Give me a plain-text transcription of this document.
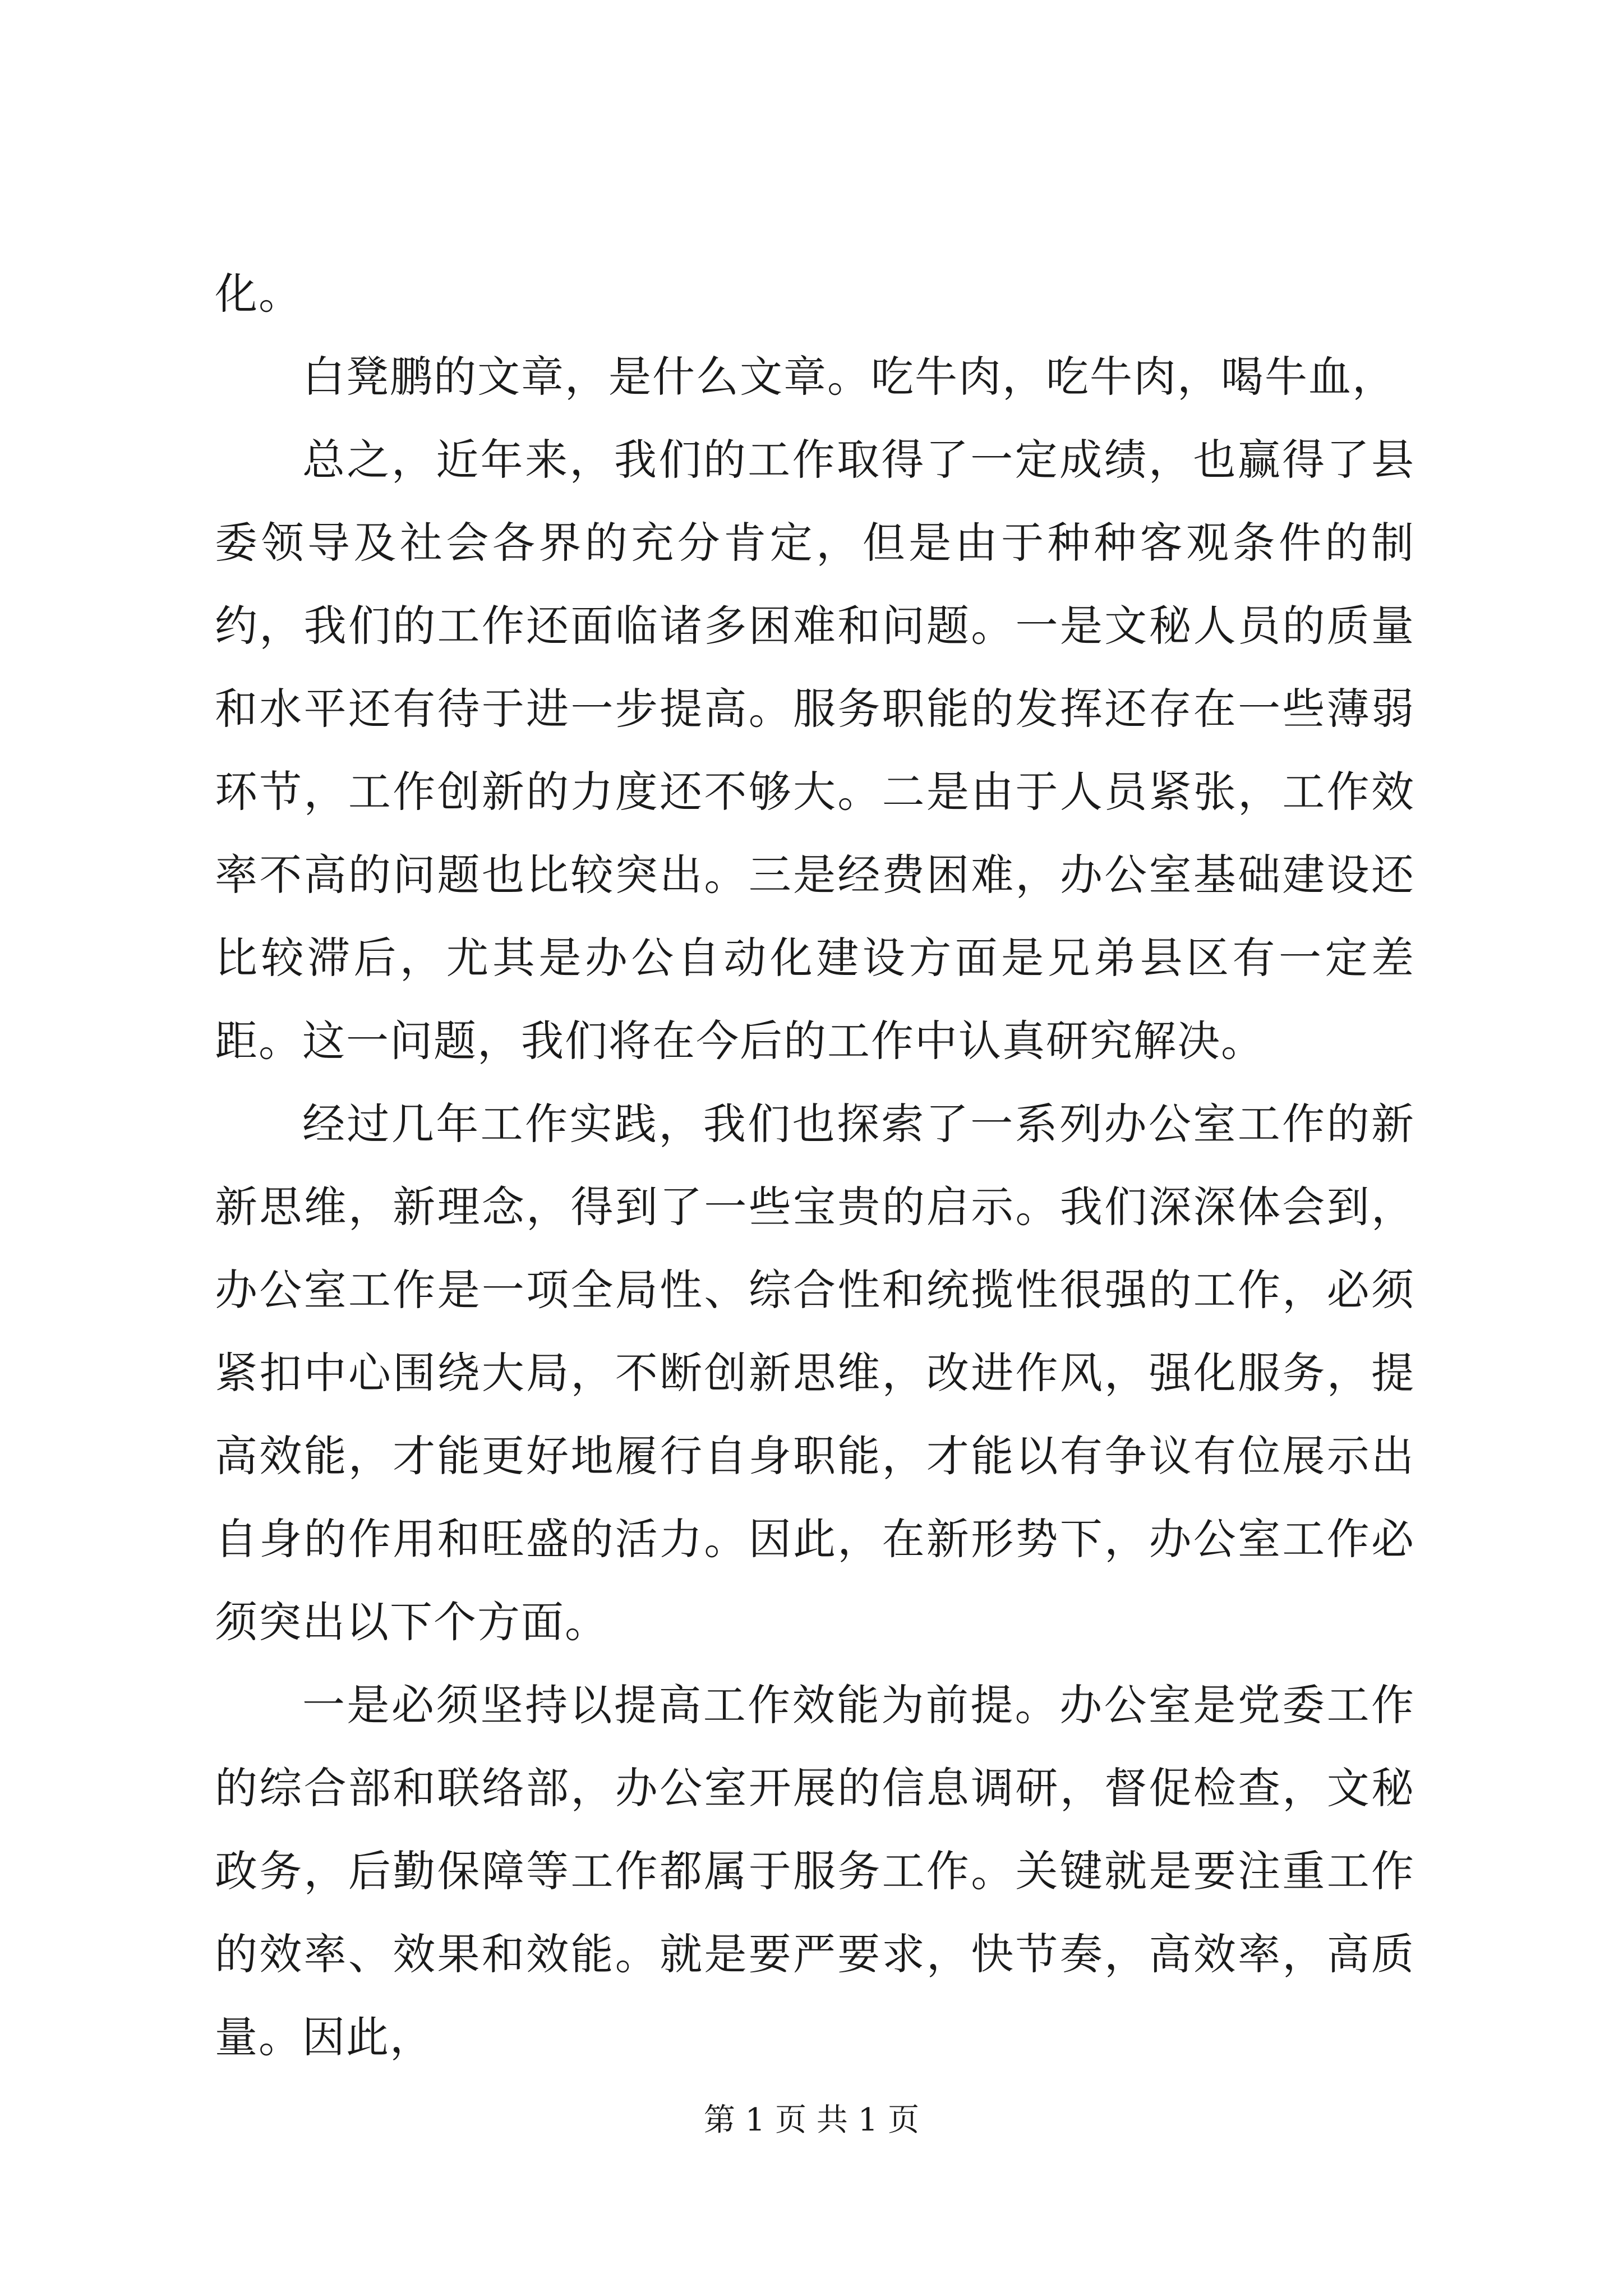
化。

白凳鹏的文章，是什么文章。吃牛肉，吃牛肉，喝牛血，

总之，近年来，我们的工作取得了一定成绩，也赢得了县委领导及社会各界的充分肯定，但是由于种种客观条件的制约，我们的工作还面临诸多困难和问题。一是文秘人员的质量和水平还有待于进一步提高。服务职能的发挥还存在一些薄弱环节，工作创新的力度还不够大。二是由于人员紧张，工作效率不高的问题也比较突出。三是经费困难，办公室基础建设还比较滞后，尤其是办公自动化建设方面是兄弟县区有一定差距。这一问题，我们将在今后的工作中认真研究解决。

经过几年工作实践，我们也探索了一系列办公室工作的新新思维，新理念，得到了一些宝贵的启示。我们深深体会到，办公室工作是一项全局性、综合性和统揽性很强的工作，必须紧扣中心围绕大局，不断创新思维，改进作风，强化服务，提高效能，才能更好地履行自身职能，才能以有争议有位展示出自身的作用和旺盛的活力。因此，在新形势下，办公室工作必须突出以下个方面。

一是必须坚持以提高工作效能为前提。办公室是党委工作的综合部和联络部，办公室开展的信息调研，督促检查，文秘政务，后勤保障等工作都属于服务工作。关键就是要注重工作的效率、效果和效能。就是要严要求，快节奏，高效率，高质量。因此，

第 1 页 共 1 页
